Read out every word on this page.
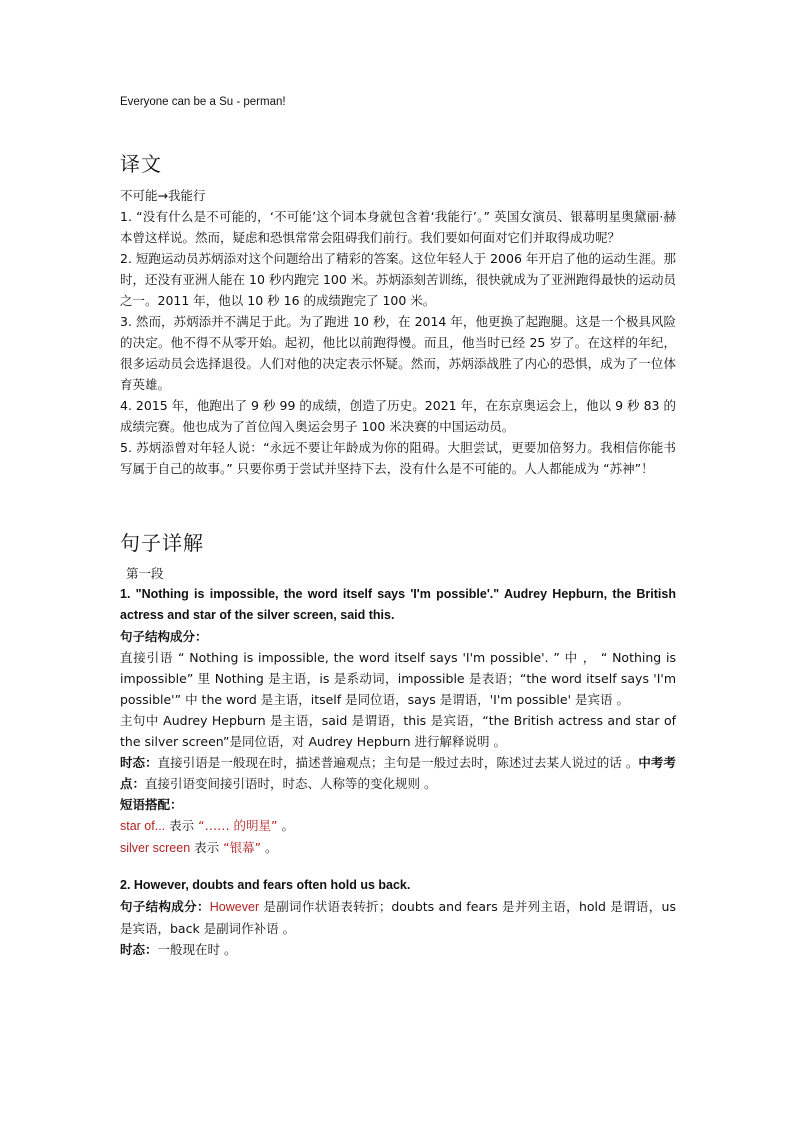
Everyone can be a Su - perman!

译文

不可能→我能行

1. “没有什么是不可能的，‘不可能’这个词本身就包含着‘我能行’。” 英国女演员、银幕明星奥黛丽·赫本曾这样说。然而，疑虑和恐惧常常会阻碍我们前行。我们要如何面对它们并取得成功呢？

2. 短跑运动员苏炳添对这个问题给出了精彩的答案。这位年轻人于 2006 年开启了他的运动生涯。那时，还没有亚洲人能在 10 秒内跑完 100 米。苏炳添刻苦训练，很快就成为了亚洲跑得最快的运动员之一。2011 年，他以 10 秒 16 的成绩跑完了 100 米。

3. 然而，苏炳添并不满足于此。为了跑进 10 秒，在 2014 年，他更换了起跑腿。这是一个极具风险的决定。他不得不从零开始。起初，他比以前跑得慢。而且，他当时已经 25 岁了。在这样的年纪，很多运动员会选择退役。人们对他的决定表示怀疑。然而，苏炳添战胜了内心的恐惧，成为了一位体育英雄。

4. 2015 年，他跑出了 9 秒 99 的成绩，创造了历史。2021 年，在东京奥运会上，他以 9 秒 83 的成绩完赛。他也成为了首位闯入奥运会男子 100 米决赛的中国运动员。

5. 苏炳添曾对年轻人说：“永远不要让年龄成为你的阻碍。大胆尝试，更要加倍努力。我相信你能书写属于自己的故事。” 只要你勇于尝试并坚持下去，没有什么是不可能的。人人都能成为 “苏神”！

句子详解

第一段

1. "Nothing is impossible, the word itself says 'I'm possible'." Audrey Hepburn, the British actress and star of the silver screen, said this.

句子结构成分：

直接引语 “ Nothing is impossible, the word itself says 'I'm possible'. ” 中 ， “ Nothing is impossible” 里 Nothing 是主语，is 是系动词，impossible 是表语；“the word itself says 'I'm possible'” 中 the word 是主语，itself 是同位语，says 是谓语，'I'm possible' 是宾语 。

主句中 Audrey Hepburn 是主语，said 是谓语，this 是宾语，“the British actress and star of the silver screen”是同位语，对 Audrey Hepburn 进行解释说明 。

时态：直接引语是一般现在时，描述普遍观点；主句是一般过去时，陈述过去某人说过的话 。中考考点：直接引语变间接引语时，时态、人称等的变化规则 。

短语搭配：

star of... 表示 “…… 的明星” 。

silver screen 表示 “银幕” 。

2. However, doubts and fears often hold us back.

句子结构成分：However 是副词作状语表转折；doubts and fears 是并列主语，hold 是谓语，us 是宾语，back 是副词作补语 。

时态：一般现在时 。
